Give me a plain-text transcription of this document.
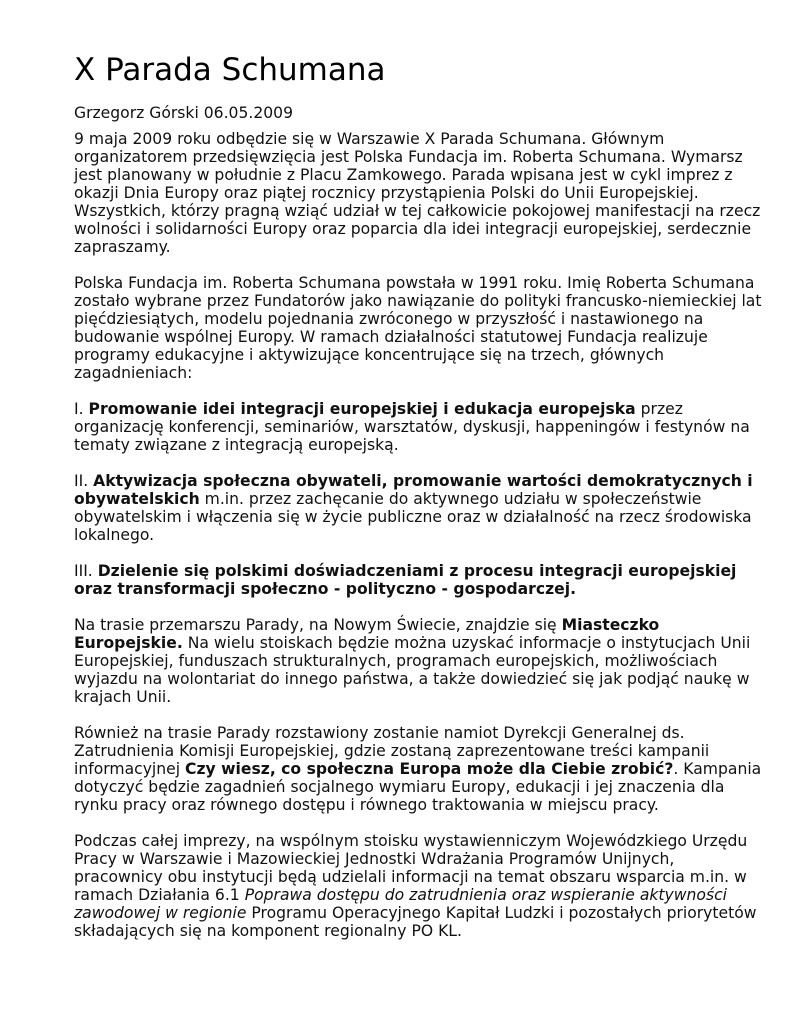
X Parada Schumana
Grzegorz Górski 06.05.2009

9 maja 2009 roku odbędzie się w Warszawie X Parada Schumana. Głównym organizatorem przedsięwzięcia jest Polska Fundacja im. Roberta Schumana. Wymarsz jest planowany w południe z Placu Zamkowego. Parada wpisana jest w cykl imprez z okazji Dnia Europy oraz piątej rocznicy przystąpienia Polski do Unii Europejskiej. Wszystkich, którzy pragną wziąć udział w tej całkowicie pokojowej manifestacji na rzecz wolności i solidarności Europy oraz poparcia dla idei integracji europejskiej, serdecznie zapraszamy.

Polska Fundacja im. Roberta Schumana powstała w 1991 roku. Imię Roberta Schumana zostało wybrane przez Fundatorów jako nawiązanie do polityki francusko-niemieckiej lat pięćdziesiątych, modelu pojednania zwróconego w przyszłość i nastawionego na budowanie wspólnej Europy. W ramach działalności statutowej Fundacja realizuje programy edukacyjne i aktywizujące koncentrujące się na trzech, głównych zagadnieniach:

I. Promowanie idei integracji europejskiej i edukacja europejska przez organizację konferencji, seminariów, warsztatów, dyskusji, happeningów i festynów na tematy związane z integracją europejską.

II. Aktywizacja społeczna obywateli, promowanie wartości demokratycznych i obywatelskich m.in. przez zachęcanie do aktywnego udziału w społeczeństwie obywatelskim i włączenia się w życie publiczne oraz w działalność na rzecz środowiska lokalnego.

III. Dzielenie się polskimi doświadczeniami z procesu integracji europejskiej oraz transformacji społeczno - polityczno - gospodarczej.

Na trasie przemarszu Parady, na Nowym Świecie, znajdzie się Miasteczko Europejskie. Na wielu stoiskach będzie można uzyskać informacje o instytucjach Unii Europejskiej, funduszach strukturalnych, programach europejskich, możliwościach wyjazdu na wolontariat do innego państwa, a także dowiedzieć się jak podjąć naukę w krajach Unii.

Również na trasie Parady rozstawiony zostanie namiot Dyrekcji Generalnej ds. Zatrudnienia Komisji Europejskiej, gdzie zostaną zaprezentowane treści kampanii informacyjnej Czy wiesz, co społeczna Europa może dla Ciebie zrobić?. Kampania dotyczyć będzie zagadnień socjalnego wymiaru Europy, edukacji i jej znaczenia dla rynku pracy oraz równego dostępu i równego traktowania w miejscu pracy.

Podczas całej imprezy, na wspólnym stoisku wystawienniczym Wojewódzkiego Urzędu Pracy w Warszawie i Mazowieckiej Jednostki Wdrażania Programów Unijnych, pracownicy obu instytucji będą udzielali informacji na temat obszaru wsparcia m.in. w ramach Działania 6.1 Poprawa dostępu do zatrudnienia oraz wspieranie aktywności zawodowej w regionie Programu Operacyjnego Kapitał Ludzki i pozostałych priorytetów składających się na komponent regionalny PO KL.
